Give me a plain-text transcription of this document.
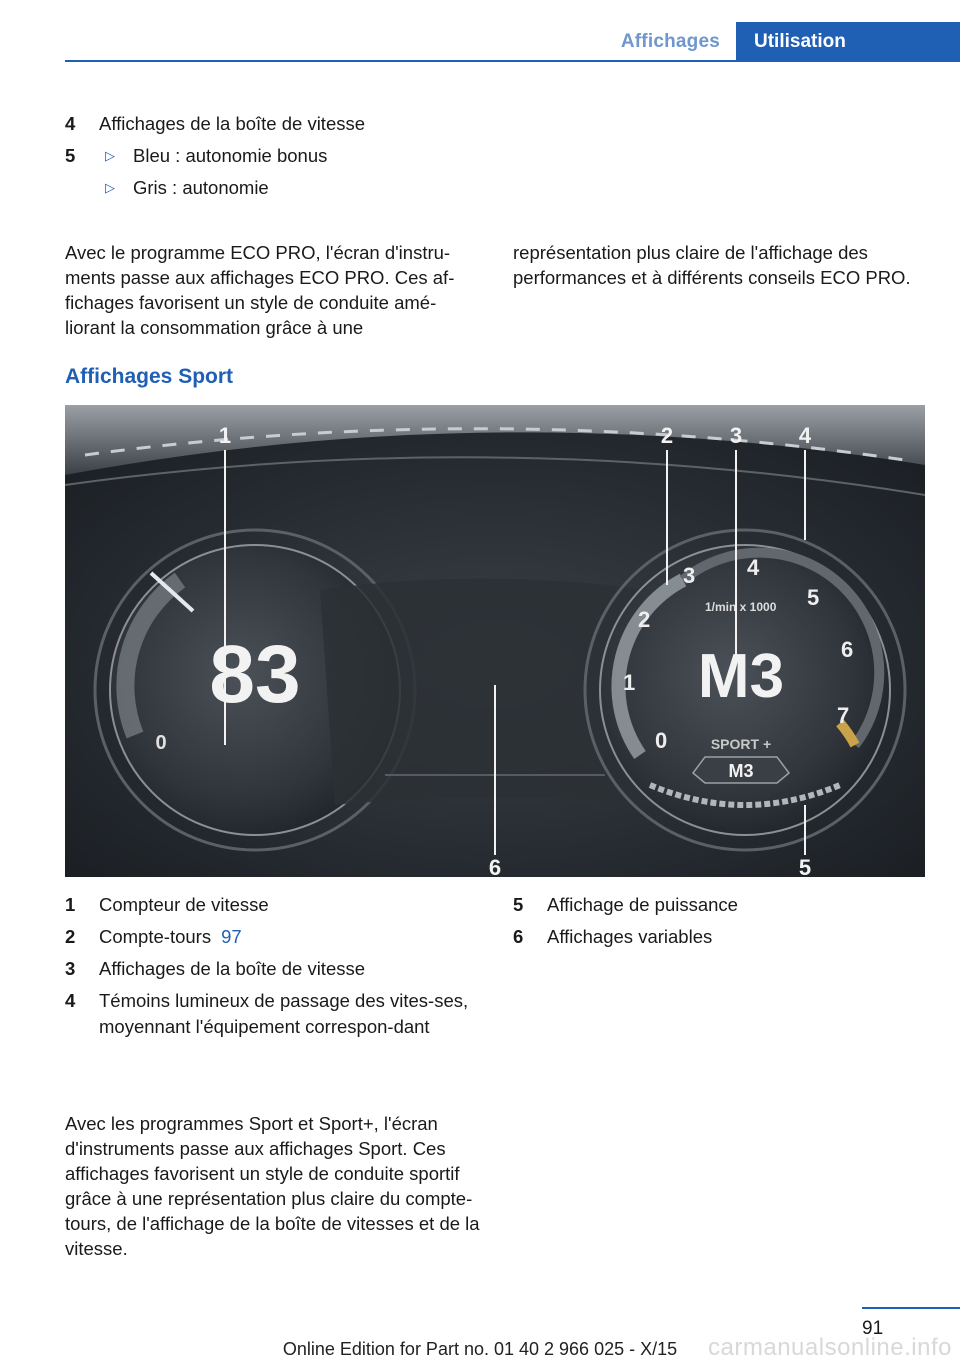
Affichages	Utilisation
4 Affichages de la boîte de vitesse
5 ▷ Bleu : autonomie bonus
▷ Gris : autonomie

Avec le programme ECO PRO, l'écran d'instru-ments passe aux affichages ECO PRO. Ces af-fichages favorisent un style de conduite amé-liorant la consommation grâce à une

représentation plus claire de l'affichage des performances et à différents conseils ECO PRO.

Affichages Sport
83
0	0
1
2
3 4
5
6
7
1/min x 1000
M3
SPORT +
M3
1	2	3	4
5
6
1 Compteur de vitesse
2 Compte-tours 97
3 Affichages de la boîte de vitesse
4 Témoins lumineux de passage des vites-ses, moyennant l'équipement correspon-dant
5 Affichage de puissance
6 Affichages variables

Avec les programmes Sport et Sport+, l'écran d'instruments passe aux affichages Sport. Ces affichages favorisent un style de conduite sportif grâce à une représentation plus claire du compte-tours, de l'affichage de la boîte de vitesses et de la vitesse.

91
Online Edition for Part no. 01 40 2 966 025 - X/15	carmanualsonline.info
